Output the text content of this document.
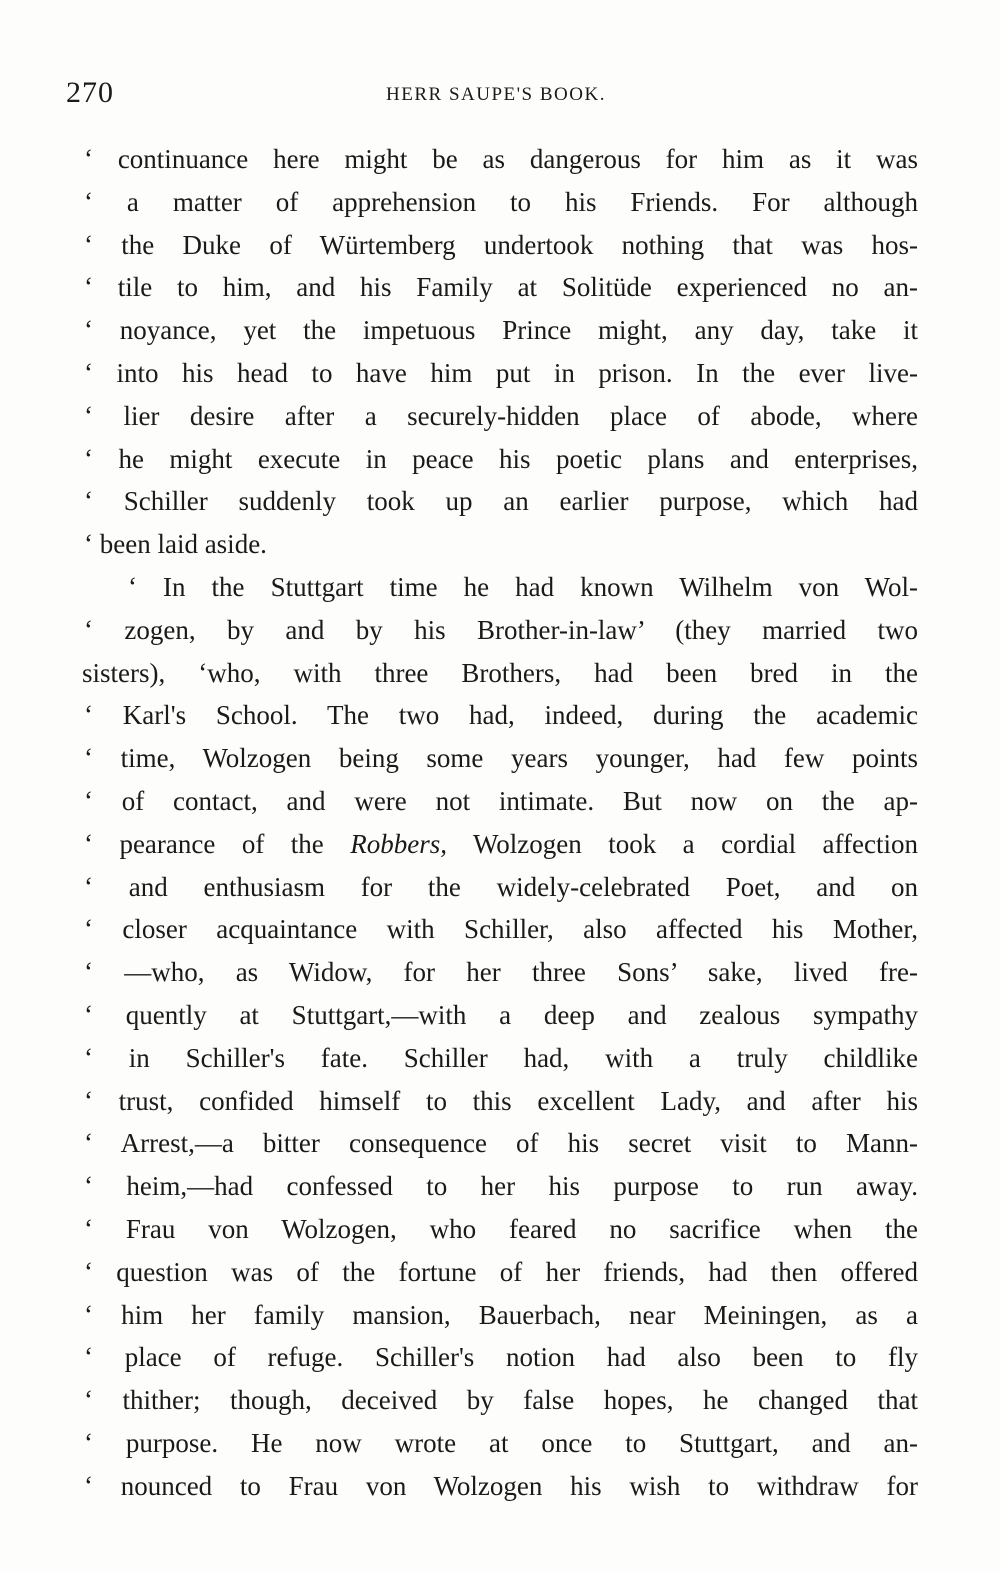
270	HERR SAUPE'S BOOK.
‘ continuance here might be as dangerous for him as it was
‘ a matter of apprehension to his Friends. For although
‘ the Duke of Würtemberg undertook nothing that was hos-
‘ tile to him, and his Family at Solitüde experienced no an-
‘ noyance, yet the impetuous Prince might, any day, take it
‘ into his head to have him put in prison. In the ever live-
‘ lier desire after a securely-hidden place of abode, where
‘ he might execute in peace his poetic plans and enterprises,
‘ Schiller suddenly took up an earlier purpose, which had
‘ been laid aside.
‘ In the Stuttgart time he had known Wilhelm von Wol-
‘ zogen, by and by his Brother-in-law’ (they married two
sisters), ‘who, with three Brothers, had been bred in the
‘ Karl's School. The two had, indeed, during the academic
‘ time, Wolzogen being some years younger, had few points
‘ of contact, and were not intimate. But now on the ap-
‘ pearance of the Robbers, Wolzogen took a cordial affection
‘ and enthusiasm for the widely-celebrated Poet, and on
‘ closer acquaintance with Schiller, also affected his Mother,
‘ —who, as Widow, for her three Sons’ sake, lived fre-
‘ quently at Stuttgart,—with a deep and zealous sympathy
‘ in Schiller's fate. Schiller had, with a truly childlike
‘ trust, confided himself to this excellent Lady, and after his
‘ Arrest,—a bitter consequence of his secret visit to Mann-
‘ heim,—had confessed to her his purpose to run away.
‘ Frau von Wolzogen, who feared no sacrifice when the
‘ question was of the fortune of her friends, had then offered
‘ him her family mansion, Bauerbach, near Meiningen, as a
‘ place of refuge. Schiller's notion had also been to fly
‘ thither; though, deceived by false hopes, he changed that
‘ purpose. He now wrote at once to Stuttgart, and an-
‘ nounced to Frau von Wolzogen his wish to withdraw for
